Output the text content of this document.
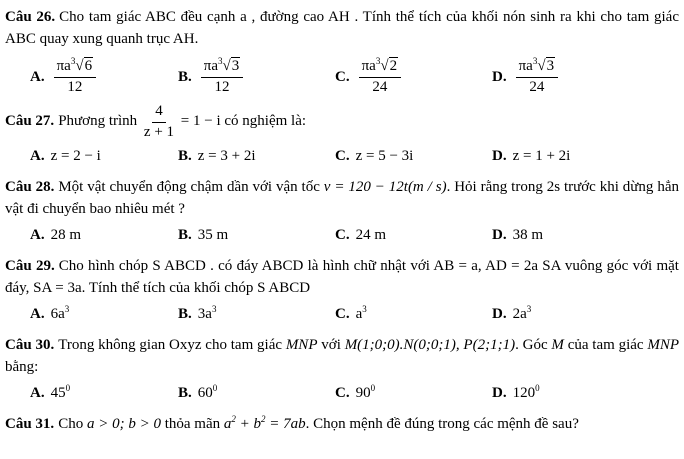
Câu 26. Cho tam giác ABC đều cạnh a , đường cao AH . Tính thể tích của khối nón sinh ra khi cho tam giác ABC quay xung quanh trục AH.

A. $\frac{\pi a^3√6}{12}$	B. $\frac{\pi a^3√3}{12}$	C. $\frac{\pi a^3√2}{24}$	D. $\frac{\pi a^3√3}{24}$

Câu 27. Phương trình $\frac{4}{z + 1} = 1 - i$ có nghiệm là:

A. z = 2 − i	B. z = 3 + 2i	C. z = 5 − 3i	D. z = 1 + 2i

Câu 28. Một vật chuyển động chậm dần với vận tốc v = 120 − 12t(m / s). Hỏi rằng trong 2s trước khi dừng hẳn vật đi chuyển bao nhiêu mét ?

A. 28 m	B. 35 m	C. 24 m	D. 38 m

Câu 29. Cho hình chóp S ABCD . có đáy ABCD là hình chữ nhật với AB = a, AD = 2a SA vuông góc với mặt đáy, SA = 3a. Tính thể tích của khối chóp S ABCD

A. $6a^3$	B. $3a^3$	C. $a^3$	D. $2a^3$

Câu 30. Trong không gian Oxyz cho tam giác MNP với M(1;0;0).N(0;0;1), P(2;1;1). Góc M của tam giác MNP bằng:

A. $45^0$	B. $60^0$	C. $90^0$	D. $120^0$

Câu 31. Cho a > 0; b > 0 thỏa mãn $a^2 + b^2 = 7ab$. Chọn mệnh đề đúng trong các mệnh đề sau?
